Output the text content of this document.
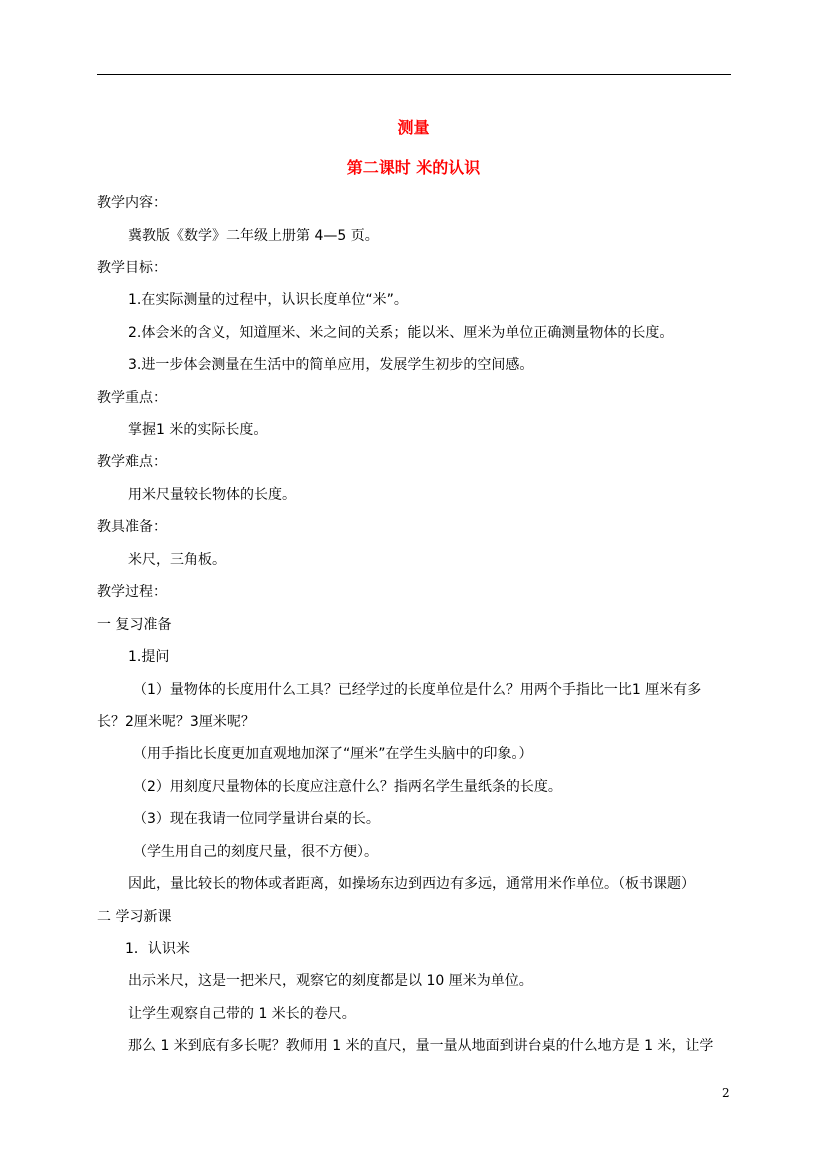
测量
第二课时 米的认识
教学内容：
冀教版《数学》二年级上册第 4—5 页。
教学目标：
1.在实际测量的过程中，认识长度单位“米”。
2.体会米的含义，知道厘米、米之间的关系；能以米、厘米为单位正确测量物体的长度。
3.进一步体会测量在生活中的简单应用，发展学生初步的空间感。
教学重点：
掌握1 米的实际长度。
教学难点：
用米尺量较长物体的长度。
教具准备：
米尺，三角板。
教学过程：
一 复习准备
1.提问
（1）量物体的长度用什么工具？已经学过的长度单位是什么？用两个手指比一比1 厘米有多
长？2厘米呢？3厘米呢？
（用手指比长度更加直观地加深了“厘米”在学生头脑中的印象。）
（2）用刻度尺量物体的长度应注意什么？指两名学生量纸条的长度。
（3）现在我请一位同学量讲台桌的长。
（学生用自己的刻度尺量，很不方便）。
因此，量比较长的物体或者距离，如操场东边到西边有多远，通常用米作单位。（板书课题）
二 学习新课
1．认识米
出示米尺，这是一把米尺，观察它的刻度都是以 10 厘米为单位。
让学生观察自己带的 1 米长的卷尺。
那么 1 米到底有多长呢？教师用 1 米的直尺，量一量从地面到讲台桌的什么地方是 1 米，让学
2
